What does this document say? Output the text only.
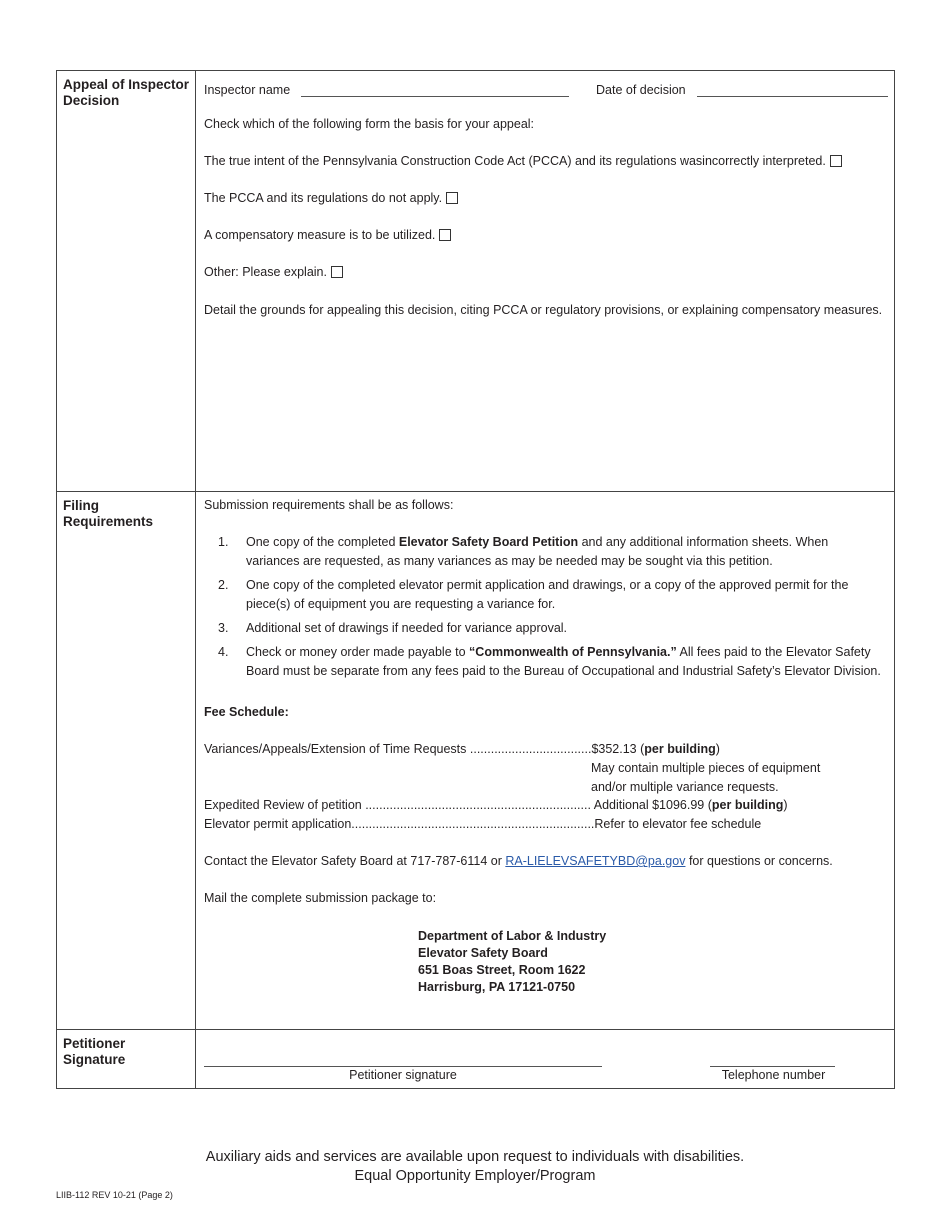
Appeal of Inspector Decision
Inspector name	Date of decision
Check which of the following form the basis for your appeal:
The true intent of the Pennsylvania Construction Code Act (PCCA) and its regulations wasincorrectly interpreted.
The PCCA and its regulations do not apply.
A compensatory measure is to be utilized.
Other: Please explain.
Detail the grounds for appealing this decision, citing PCCA or regulatory provisions, or explaining compensatory measures.
Filing Requirements
Submission requirements shall be as follows:
1.	One copy of the completed Elevator Safety Board Petition and any additional information sheets. When variances are requested, as many variances as may be needed may be sought via this petition.
2.	One copy of the completed elevator permit application and drawings, or a copy of the approved permit for the piece(s) of equipment you are requesting a variance for.
3.	Additional set of drawings if needed for variance approval.
4.	Check or money order made payable to “Commonwealth of Pennsylvania.” All fees paid to the Elevator Safety Board must be separate from any fees paid to the Bureau of Occupational and Industrial Safety’s Elevator Division.
Fee Schedule:
Variances/Appeals/Extension of Time Requests ...................................$352.13 (per building)
May contain multiple pieces of equipment
and/or multiple variance requests.
Expedited Review of petition ................................................................. Additional $1096.99 (per building)
Elevator permit application......................................................................Refer to elevator fee schedule
Contact the Elevator Safety Board at 717-787-6114 or RA-LIELEVSAFETYBD@pa.gov for questions or concerns.
Mail the complete submission package to:
Department of Labor & Industry
Elevator Safety Board
651 Boas Street, Room 1622
Harrisburg, PA 17121-0750
Petitioner Signature
Petitioner signature	Telephone number
Auxiliary aids and services are available upon request to individuals with disabilities.
Equal Opportunity Employer/Program
LIIB-112 REV 10-21 (Page 2)
